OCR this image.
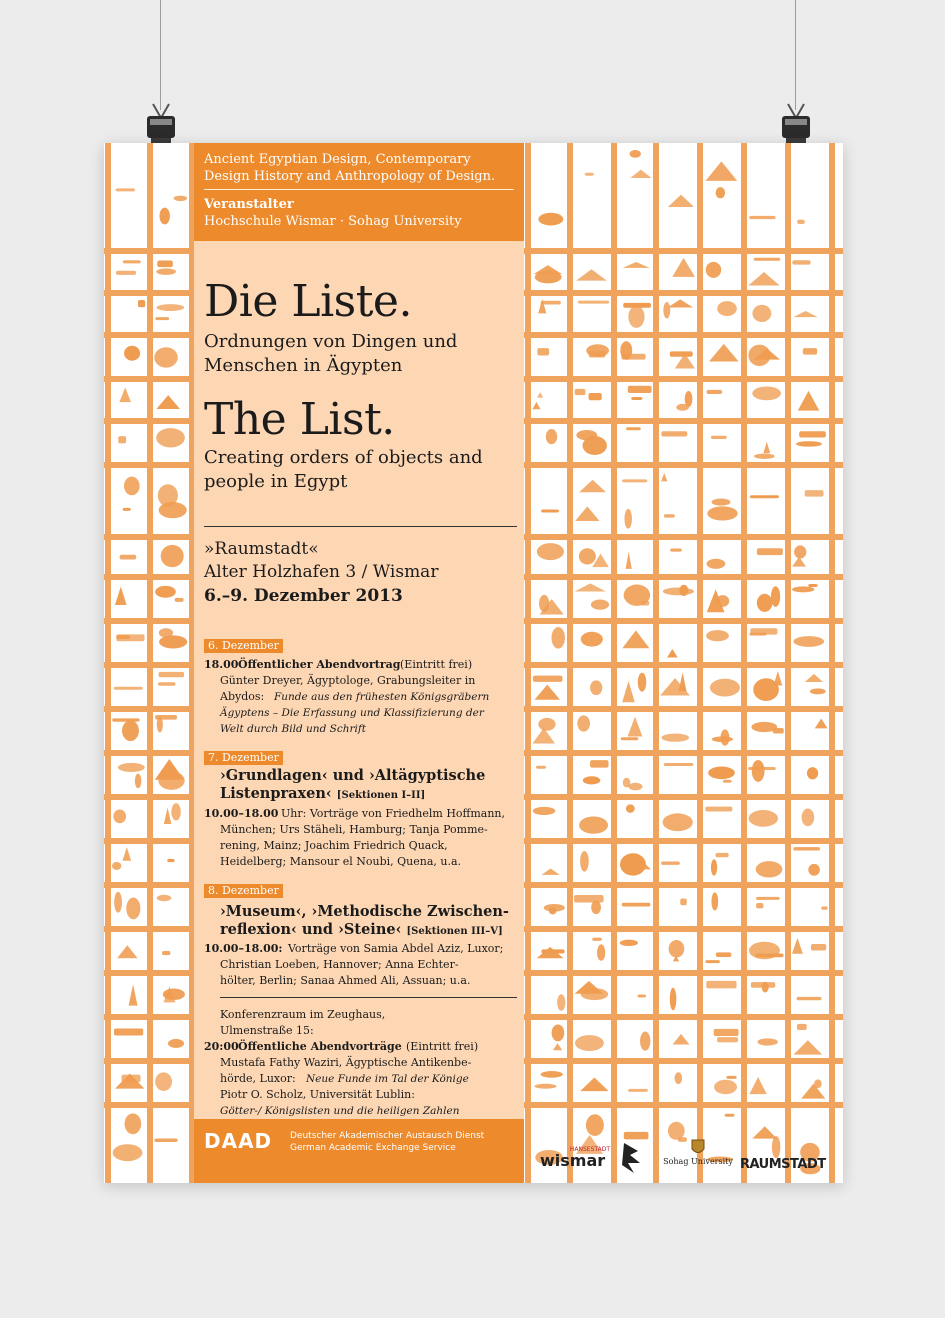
Ancient Egyptian Design, Contemporary
Design History and Anthropology of Design.
Veranstalter
Hochschule Wismar · Sohag University
Die Liste.
Ordnungen von Dingen und
Menschen in Ägypten
The List.
Creating orders of objects and
people in Egypt
»Raumstadt«
Alter Holzhafen 3 / Wismar
6.–9. Dezember 2013
6. Dezember
18.00 Öffentlicher Abendvortrag (Eintritt frei)
Günter Dreyer, Ägyptologe, Grabungsleiter in
Abydos: Funde aus den frühesten Königsgräbern
Ägyptens – Die Erfassung und Klassifizierung der
Welt durch Bild und Schrift
7. Dezember
›Grundlagen‹ und ›Altägyptische
Listenpraxen‹ [Sektionen I–II]
10.00–18.00 Uhr: Vorträge von Friedhelm Hoffmann,
München; Urs Stäheli, Hamburg; Tanja Pomme-
rening, Mainz; Joachim Friedrich Quack,
Heidelberg; Mansour el Noubi, Quena, u.a.
8. Dezember
›Museum‹, ›Methodische Zwischen-
reflexion‹ und ›Steine‹ [Sektionen III–V]
10.00–18.00: Vorträge von Samia Abdel Aziz, Luxor;
Christian Loeben, Hannover; Anna Echter-
hölter, Berlin; Sanaa Ahmed Ali, Assuan; u.a.
Konferenzraum im Zeughaus,
Ulmenstraße 15:
20:00 Öffentliche Abendvorträge (Eintritt frei)
Mustafa Fathy Waziri, Ägyptische Antikenbe-
hörde, Luxor: Neue Funde im Tal der Könige
Piotr O. Scholz, Universität Lublin:
Götter-/ Königslisten und die heiligen Zahlen
DAAD Deutscher Akademischer Austausch Dienst
German Academic Exchange Service	HANSESTADT
wismar	Sohag University RAUMSTADT
